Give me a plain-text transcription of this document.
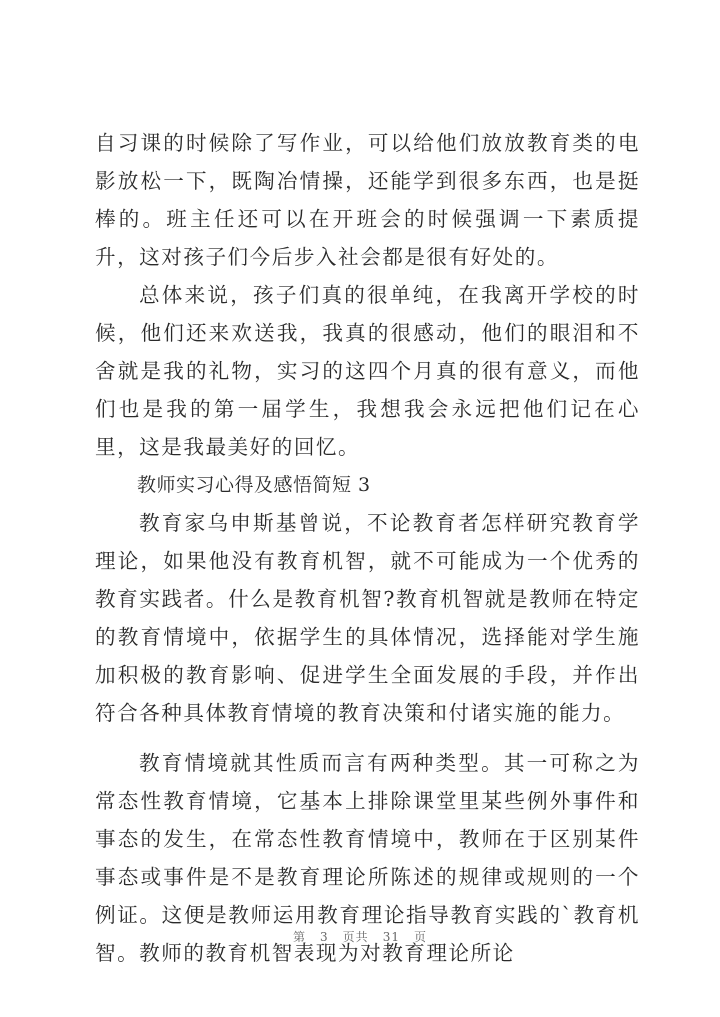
自习课的时候除了写作业，可以给他们放放教育类的电影放松一下，既陶冶情操，还能学到很多东西，也是挺棒的。班主任还可以在开班会的时候强调一下素质提升，这对孩子们今后步入社会都是很有好处的。

总体来说，孩子们真的很单纯，在我离开学校的时候，他们还来欢送我，我真的很感动，他们的眼泪和不舍就是我的礼物，实习的这四个月真的很有意义，而他们也是我的第一届学生，我想我会永远把他们记在心里，这是我最美好的回忆。

教师实习心得及感悟简短 3

教育家乌申斯基曾说，不论教育者怎样研究教育学理论，如果他没有教育机智，就不可能成为一个优秀的教育实践者。什么是教育机智?教育机智就是教师在特定的教育情境中，依据学生的具体情况，选择能对学生施加积极的教育影响、促进学生全面发展的手段，并作出符合各种具体教育情境的教育决策和付诸实施的能力。

教育情境就其性质而言有两种类型。其一可称之为常态性教育情境，它基本上排除课堂里某些例外事件和事态的发生，在常态性教育情境中，教师在于区别某件事态或事件是不是教育理论所陈述的规律或规则的一个例证。这便是教师运用教育理论指导教育实践的`教育机智。教师的教育机智表现为对教育理论所论

第 3 页共 31 页
